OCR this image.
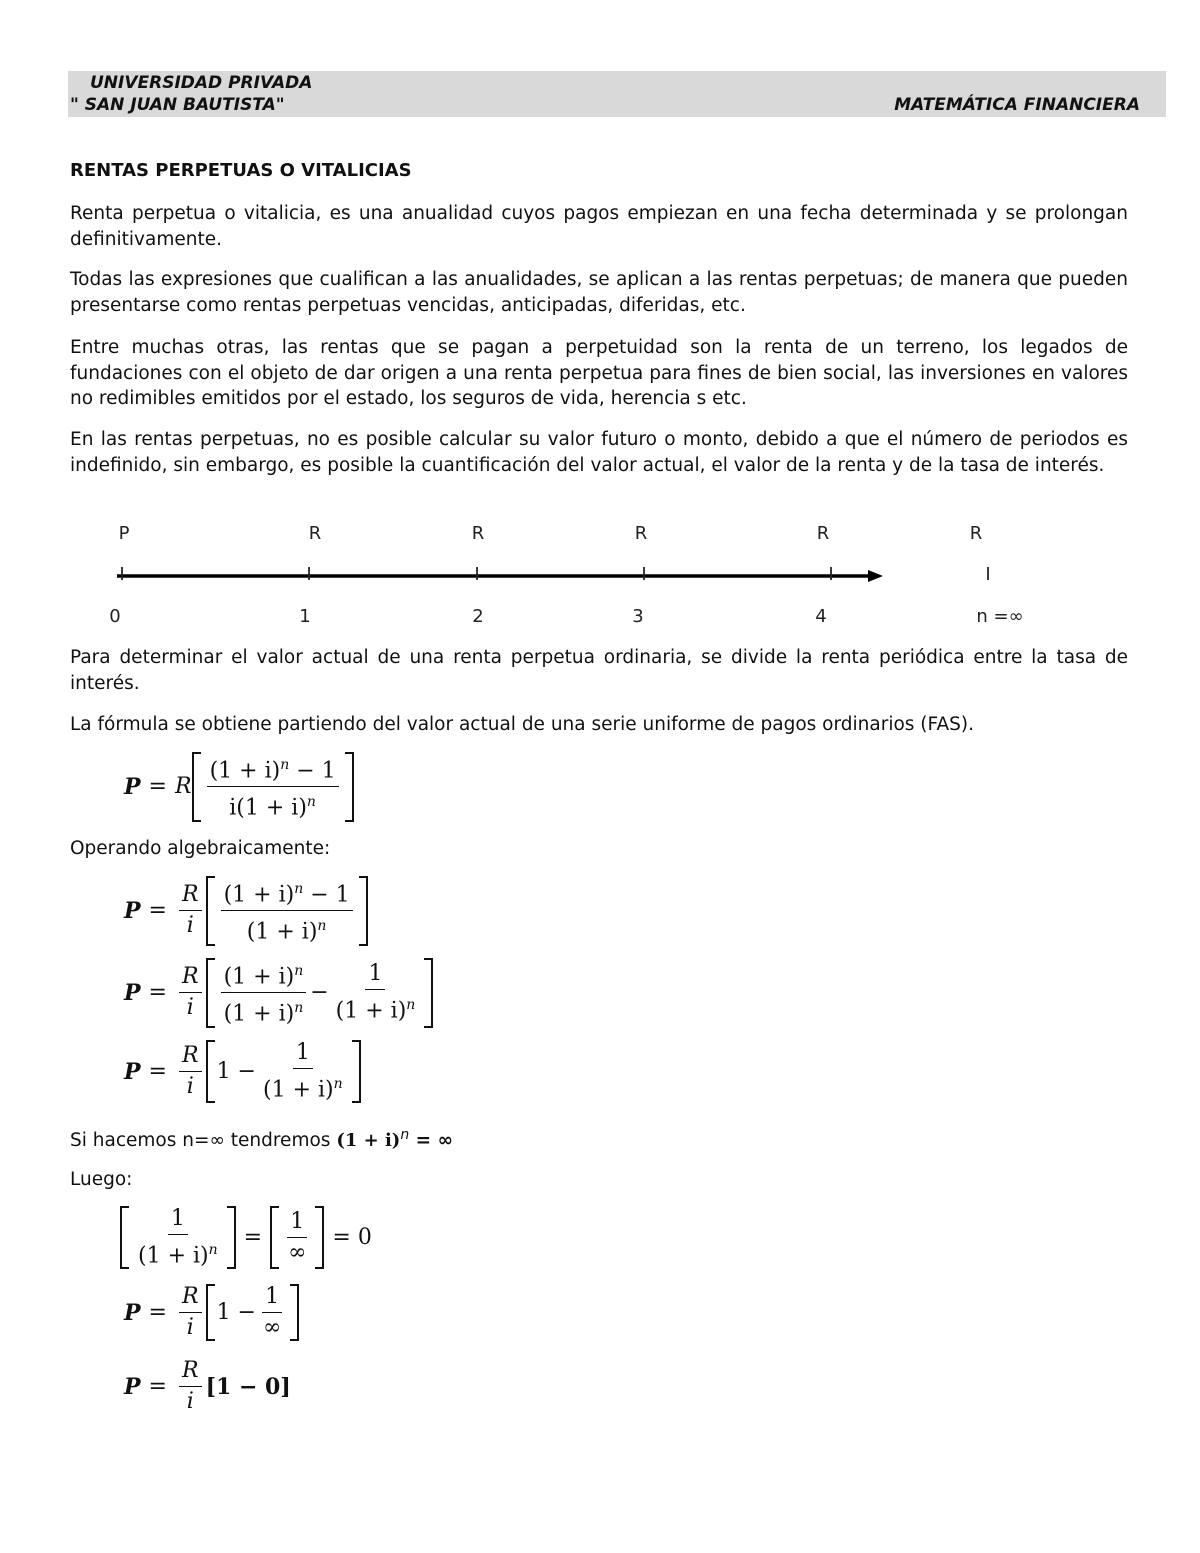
UNIVERSIDAD PRIVADA
" SAN JUAN BAUTISTA"	MATEMÁTICA FINANCIERA
RENTAS PERPETUAS O VITALICIAS

Renta perpetua o vitalicia, es una anualidad cuyos pagos empiezan en una fecha determinada y se prolongan definitivamente.

Todas las expresiones que cualifican a las anualidades, se aplican a las rentas perpetuas; de manera que pueden presentarse como rentas perpetuas vencidas, anticipadas, diferidas, etc.

Entre muchas otras, las rentas que se pagan a perpetuidad son la renta de un terreno, los legados de fundaciones con el objeto de dar origen a una renta perpetua para fines de bien social, las inversiones en valores no redimibles emitidos por el estado, los seguros de vida, herencia s etc.

En las rentas perpetuas, no es posible calcular su valor futuro o monto, debido a que el número de periodos es indefinido, sin embargo, es posible la cuantificación del valor actual, el valor de la renta y de la tasa de interés.

P	R	R	R	R	R
I	I	I	I	I	I
0	1	2	3	4	n =∞

Para determinar el valor actual de una renta perpetua ordinaria, se divide la renta periódica entre la tasa de interés.

La fórmula se obtiene partiendo del valor actual de una serie uniforme de pagos ordinarios (FAS).

P = R $\frac{(1 + i)^n - 1}{i(1 + i)^n}$
Operando algebraicamente:
$P = \frac{R}{i} \frac{(1 + i)^n - 1}{(1 + i)^n}$
$P = \frac{R}{i} \frac{(1 + i)^n}{(1 + i)^n} - \frac{1}{(1 + i)^n}$
$P = \frac{R}{i} 1 - \frac{1}{(1 + i)^n}$
Si hacemos n=∞ tendremos $(1 + i)^n$ = ∞
Luego:
$\frac{1}{(1 + i)^n} = \frac{1}{\infty} = 0$
$P = \frac{R}{i} 1 - \frac{1}{\infty}$
$P = \frac{R}{i} [1 - 0]$
